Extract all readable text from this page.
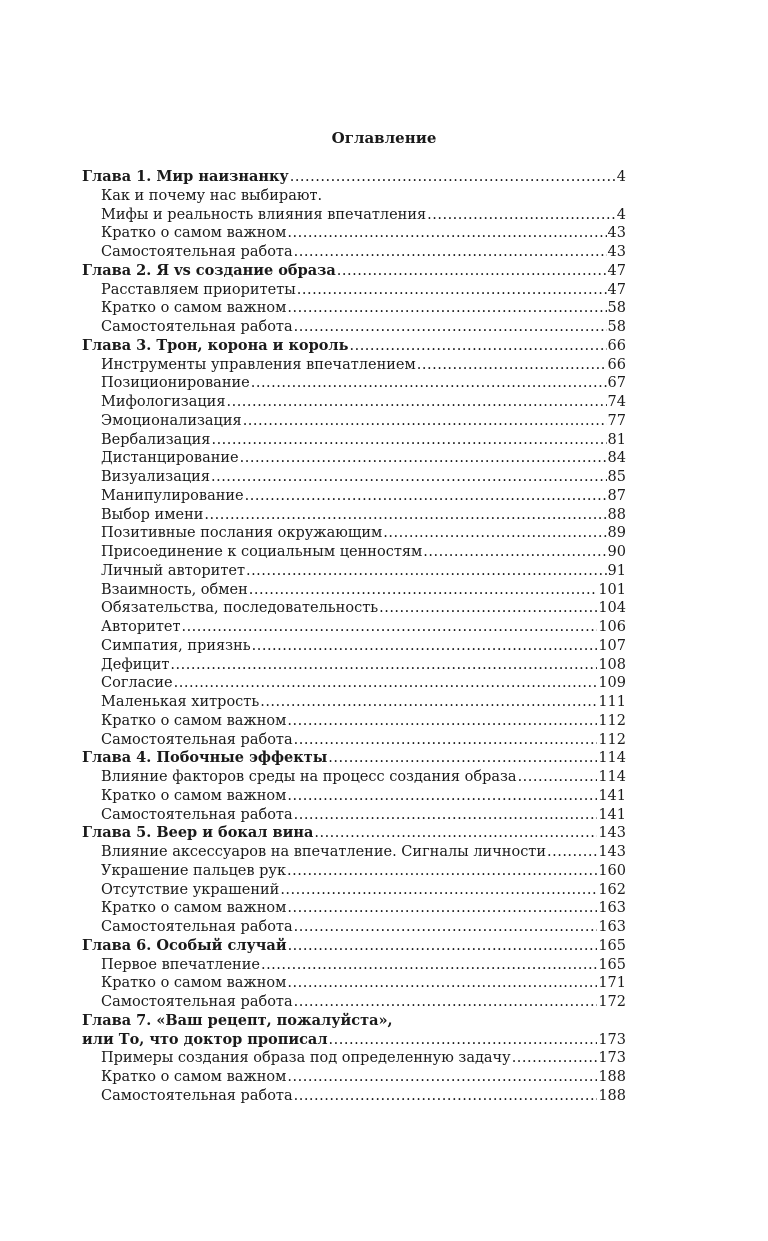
Оглавление
Глава 1. Мир наизнанку .....	4
Как и почему нас выбирают.
Мифы и реальность влияния впечатления .....	4
Кратко о самом важном .....	43
Самостоятельная работа .....	43
Глава 2. Я vs создание образа .....	47
Расставляем приоритеты .....	47
Кратко о самом важном .....	58
Самостоятельная работа .....	58
Глава 3. Трон, корона и король .....	66
Инструменты управления впечатлением .....	66
Позиционирование .....	67
Мифологизация .....	74
Эмоционализация .....	77
Вербализация .....	81
Дистанцирование .....	84
Визуализация .....	85
Манипулирование .....	87
Выбор имени .....	88
Позитивные послания окружающим .....	89
Присоединение к социальным ценностям .....	90
Личный авторитет .....	91
Взаимность, обмен .....	101
Обязательства, последовательность .....	104
Авторитет .....	106
Симпатия, приязнь .....	107
Дефицит .....	108
Согласие .....	109
Маленькая хитрость .....	111
Кратко о самом важном .....	112
Самостоятельная работа .....	112
Глава 4. Побочные эффекты .....	114
Влияние факторов среды на процесс создания образа .....	114
Кратко о самом важном .....	141
Самостоятельная работа .....	141
Глава 5. Веер и бокал вина .....	143
Влияние аксессуаров на впечатление. Сигналы личности .....	143
Украшение пальцев рук .....	160
Отсутствие украшений .....	162
Кратко о самом важном .....	163
Самостоятельная работа .....	163
Глава 6. Особый случай .....	165
Первое впечатление .....	165
Кратко о самом важном .....	171
Самостоятельная работа .....	172
Глава 7. «Ваш рецепт, пожалуйста»,
или То, что доктор прописал .....	173
Примеры создания образа под определенную задачу .....	173
Кратко о самом важном .....	188
Самостоятельная работа .....	188
